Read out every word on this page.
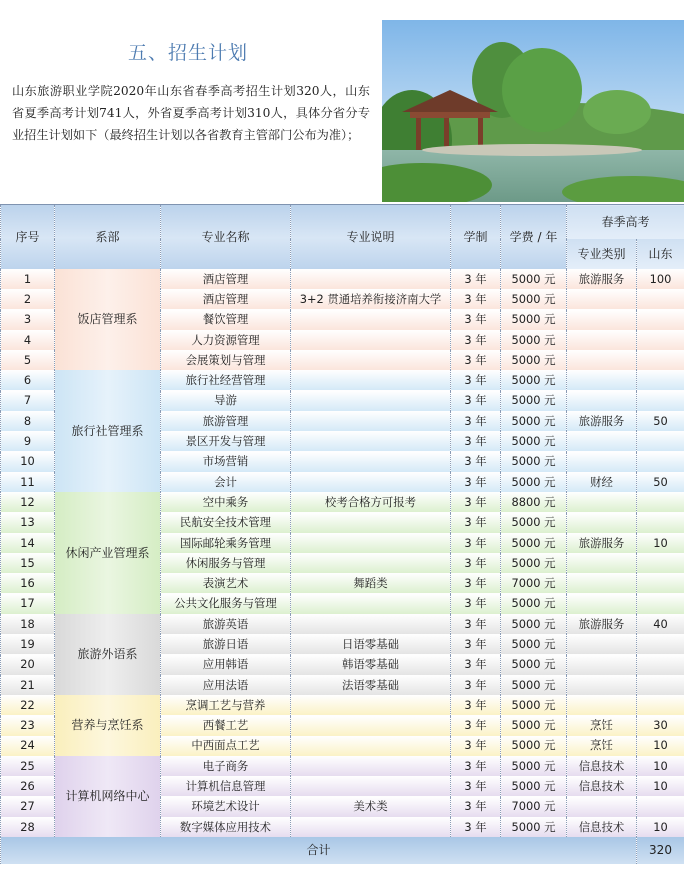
五、招生计划
山东旅游职业学院2020年山东省春季高考招生计划320人，山东省夏季高考计划741人，外省夏季高考计划310人，具体分省分专业招生计划如下（最终招生计划以各省教育主管部门公布为准）；
序号	系部	专业名称	专业说明	学制	学费 / 年	春季高考	
						专业类别	山东
1	饭店管理系	酒店管理		3 年	5000 元	旅游服务	100
2		酒店管理	3+2 贯通培养衔接济南大学	3 年	5000 元		
3		餐饮管理		3 年	5000 元		
4		人力资源管理		3 年	5000 元		
5		会展策划与管理		3 年	5000 元		
6	旅行社管理系	旅行社经营管理		3 年	5000 元		
7		导游		3 年	5000 元		
8		旅游管理		3 年	5000 元	旅游服务	50
9		景区开发与管理		3 年	5000 元		
10		市场营销		3 年	5000 元		
11		会计		3 年	5000 元	财经	50
12	休闲产业管理系	空中乘务	校考合格方可报考	3 年	8800 元		
13		民航安全技术管理		3 年	5000 元		
14		国际邮轮乘务管理		3 年	5000 元	旅游服务	10
15		休闲服务与管理		3 年	5000 元		
16		表演艺术	舞蹈类	3 年	7000 元		
17		公共文化服务与管理		3 年	5000 元		
18	旅游外语系	旅游英语		3 年	5000 元	旅游服务	40
19		旅游日语	日语零基础	3 年	5000 元		
20		应用韩语	韩语零基础	3 年	5000 元		
21		应用法语	法语零基础	3 年	5000 元		
22	营养与烹饪系	烹调工艺与营养		3 年	5000 元		
23		西餐工艺		3 年	5000 元	烹饪	30
24		中西面点工艺		3 年	5000 元	烹饪	10
25	计算机网络中心	电子商务		3 年	5000 元	信息技术	10
26		计算机信息管理		3 年	5000 元	信息技术	10
27		环境艺术设计	美术类	3 年	7000 元		
28		数字媒体应用技术		3 年	5000 元	信息技术	10
合计							320
